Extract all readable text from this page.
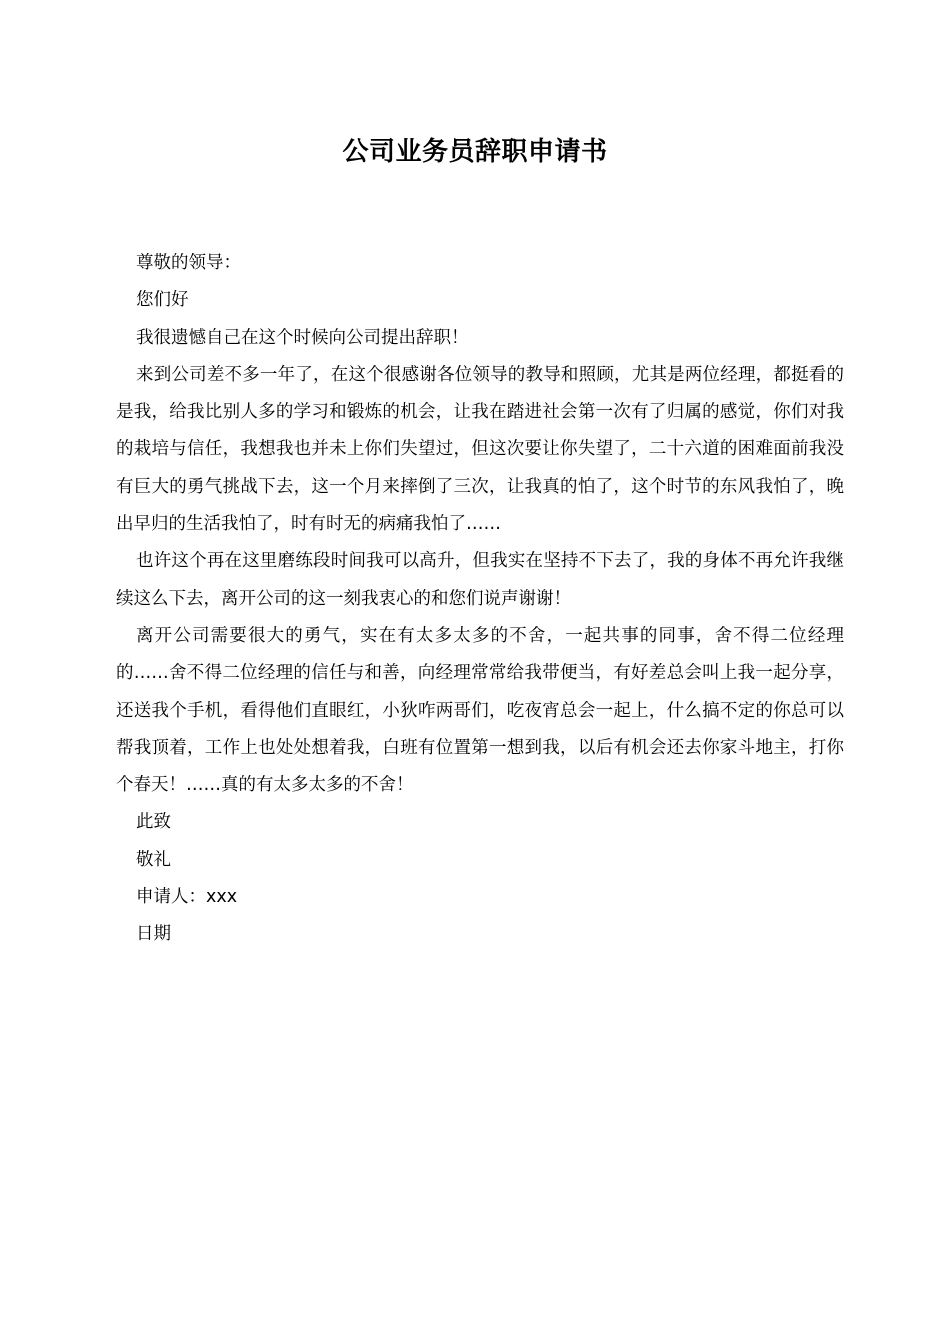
公司业务员辞职申请书

尊敬的领导：

您们好

我很遗憾自己在这个时候向公司提出辞职！

来到公司差不多一年了，在这个很感谢各位领导的教导和照顾，尤其是两位经理，都挺看的是我，给我比别人多的学习和锻炼的机会，让我在踏进社会第一次有了归属的感觉，你们对我的栽培与信任，我想我也并未上你们失望过，但这次要让你失望了，二十六道的困难面前我没有巨大的勇气挑战下去，这一个月来摔倒了三次，让我真的怕了，这个时节的东风我怕了，晚出早归的生活我怕了，时有时无的病痛我怕了……

也许这个再在这里磨练段时间我可以高升，但我实在坚持不下去了，我的身体不再允许我继续这么下去，离开公司的这一刻我衷心的和您们说声谢谢！

离开公司需要很大的勇气，实在有太多太多的不舍，一起共事的同事，舍不得二位经理的……舍不得二位经理的信任与和善，向经理常常给我带便当，有好差总会叫上我一起分享，还送我个手机，看得他们直眼红，小狄咋两哥们，吃夜宵总会一起上，什么搞不定的你总可以帮我顶着，工作上也处处想着我，白班有位置第一想到我，以后有机会还去你家斗地主，打你个春天！……真的有太多太多的不舍！

此致

敬礼

申请人：xxx

日期
